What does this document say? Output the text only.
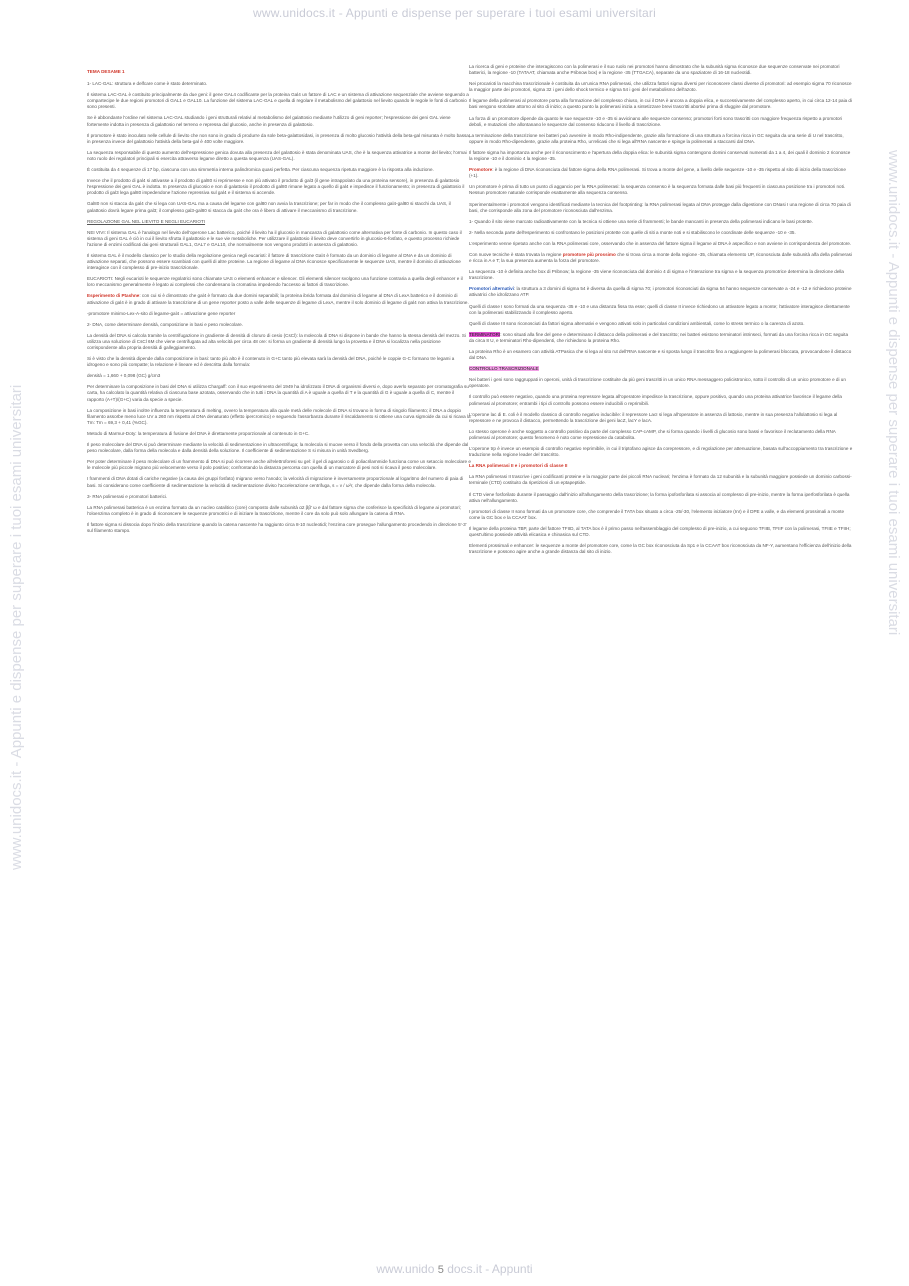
www.unidocs.it - Appunti e dispense per superare i tuoi esami universitari
www.unidocs.it - Appunti e dispense per superare i tuoi esami universitari	www.unidocs.it - Appunti e dispense per superare i tuoi esami universitari
TEMA DESAME 1

1- LAC-GAL: struttura e delfcare come è stato determinato.

Il sistema LAC-GAL è costituito principalmente da due geni: il gene GAL4 codificante per la proteina Gal4 un fattore di LAC e un sistema di attivazione sequenziale che avviene seguendo a compartecipe le due regioni promotori di GAL1 e GAL10. La funzione del sistema LAC-GAL e quella di regolare il metabolismo del galattosio nel lievito quando le regole le fonti di carbonio sono presenti.

Se è abbondante l'ordine nel sistema LAC-GAL studiando i geni strutturali relativi al metabolismo del galattosio mediante l'utilizzo di geni reporter; l'espressione dei geni GAL viene fortemente indotta in presenza di galattosio nel terreno e repressa dal glucosio, anche in presenza di galattosio.

Il promotore è stato inoculato nelle cellule di lievito che non sono in grado di produrre da sole beta-galattosidasi, in presenza di molto glucosio l'attività della beta-gal misurata è molto bassa, in presenza invece del galattosio l'attività della beta-gal è 400 volte maggiore.

La sequenza responsabile di questo aumento dell'espressione genica dovuta alla presenza del galattosio è stata denominata UAS, che è la sequenza attivatrice a monte del lievito; l'ormai noto ruolo dei regolatori principali si esercita attraverso legame diretto a questa sequenza (UAS-GAL).

È costituita da 4 sequenze di 17 bp, ciascuna con una simmetria interna palindromica quasi perfetta. Per ciascuna sequenza ripetuta maggiore è la risposta alla induzione.

Invece che il prodotto di gal4 si attivasse a il prodotto di gal80 si reprimesse e non più attivato il prodotto di gal3 (il gene intrappolato da una proteina sensore), in presenza di galattosio l'espressione dei geni GAL è indotta. In presenza di glucosio e non di galattosio il prodotto di gal80 rimane legato a quello di gal4 e impedisce il funzionamento; in presenza di galattosio il prodotto di gal3 lega gal80 impedendone l'azione repressiva sul gal4 e il sistema si accende.

Gal80 non si stacca da gal4 che si lega con UAS-GAL ma a causa del legame con gal80 non avvia la trascrizione; per far in modo che il complesso gal4-gal80 si stacchi da UAS, il galattosio dovrà legare prima gal3; il complesso gal3-gal80 si stacca da gal4 che ora è libero di attivare il meccanismo di trascrizione.

REGOLAZIONE GAL NEL LIEVITO E NEGLI EUCARIOTI

NEI VIVI: Il sistema GAL è l'analogo nel lievito dell'operone Lac batterico, poiché il lievito ha il glucosio in mancanza di galattosio come alternativa per fonte di carbonio. In questo caso il sistema di geni GAL è ciò in cui il lievito sfrutta il galattosio e le sue vie metaboliche. Per utilizzare il galattosio il lievito deve convertirlo in glucosio-6-fosfato, e questo processo richiede l'azione di enzimi codificati dai geni strutturali GAL1, GAL7 e GAL10, che normalmente non vengono prodotti in assenza di galattosio.

Il sistema GAL è il modello classico per lo studio della regolazione genica negli eucarioti: il fattore di trascrizione Gal4 è formato da un dominio di legame al DNA e da un dominio di attivazione separati, che possono essere scambiati con quelli di altre proteine. La regione di legame al DNA riconosce specificamente le sequenze UAS, mentre il dominio di attivazione interagisce con il complesso di pre-inizio trascrizionale.

EUCARIOTI: Negli eucarioti le sequenze regolatrici sono chiamate UAS o elementi enhancer e silencer. Gli elementi silencer svolgono una funzione contraria a quella degli enhancer e il loro meccanismo generalmente è legato ai complessi che condensano la cromatina impedendo l'accesso ai fattori di trascrizione.

Esperimento di Ptashne: con cui si è dimostrato che gal4 è formato da due domini separabili; la proteina ibrida formata dal dominio di legame al DNA di LexA batterico e il dominio di attivazione di gal4 è in grado di attivare la trascrizione di un gene reporter posto a valle delle sequenze di legame di LexA, mentre il solo dominio di legame di gal4 non attiva la trascrizione.

-promotore minimo-Lex-A-sito di legame-gal4 = attivazione gene reporter

2- DNA, come determinare densità, composizione in basi e peso molecolare.

La densità del DNA si calcola tramite la centrifugazione in gradiente di densità di cloruro di cesio (CsCl): la molecola di DNA si dispone in bande che hanno la stessa densità del mezzo. Si utilizza una soluzione di CsCl 6M che viene centrifugata ad alta velocità per circa 48 ore: si forma un gradiente di densità lungo la provetta e il DNA si localizza nella posizione corrispondente alla propria densità di galleggiamento.

Si è visto che la densità dipende dalla composizione in basi: tanto più alto è il contenuto in G+C tanto più elevata sarà la densità del DNA, poiché le coppie G-C formano tre legami a idrogeno e sono più compatte; la relazione è lineare ed è descritta dalla formula:

densità = 1,660 + 0,098 (GC) g/cm3

Per determinare la composizione in basi del DNA si utilizza Chargaff: con il suo esperimento del 1949 ha idrolizzato il DNA di organismi diversi e, dopo averlo separato per cromatografia su carta, ha calcolato la quantità relativa di ciascuna base azotata, osservando che in tutti i DNA la quantità di A è uguale a quella di T e la quantità di G è uguale a quella di C, mentre il rapporto (A+T)/(G+C) varia da specie a specie.

La composizione in basi inoltre influenza la temperatura di melting, ovvero la temperatura alla quale metà delle molecole di DNA si trovano in forma di singolo filamento; il DNA a doppio filamento assorbe meno luce UV a 260 nm rispetto al DNA denaturato (effetto ipercromico) e seguendo l'assorbanza durante il riscaldamento si ottiene una curva sigmoide da cui si ricava la Tm: Tm = 69,3 + 0,41 (%GC).

Metodo di Marmur-Doty: la temperatura di fusione del DNA è direttamente proporzionale al contenuto in G+C.

Il peso molecolare del DNA si può determinare mediante la velocità di sedimentazione in ultracentrifuga; la molecola si muove verso il fondo della provetta con una velocità che dipende dal peso molecolare, dalla forma della molecola e dalla densità della soluzione. Il coefficiente di sedimentazione S si misura in unità Svedberg.

Per poter determinare il peso molecolare di un frammento di DNA si può ricorrere anche all'elettroforesi su gel: il gel di agarosio o di poliacrilammide funziona come un setaccio molecolare e le molecole più piccole migrano più velocemente verso il polo positivo; confrontando la distanza percorsa con quella di un marcatore di pesi noti si ricava il peso molecolare.

I frammenti di DNA dotati di cariche negative (a causa dei gruppi fosfato) migrano verso l'anodo; la velocità di migrazione è inversamente proporzionale al logaritmo del numero di paia di basi. Si considerano come coefficiente di sedimentazione la velocità di sedimentazione diviso l'accelerazione centrifuga, s = v / ω²r, che dipende dalla forma della molecola.

3- RNA polimerasi e promotori batterici.

La RNA polimerasi batterica è un enzima formato da un nucleo catalitico (core) composto dalle subunità α2 ββ' ω e dal fattore sigma che conferisce la specificità di legame ai promotori; l'oloenzima completo è in grado di riconoscere le sequenze promotrici e di iniziare la trascrizione, mentre il core da solo può solo allungare la catena di RNA.

Il fattore sigma si dissocia dopo l'inizio della trascrizione quando la catena nascente ha raggiunto circa 8-10 nucleotidi; l'enzima core prosegue l'allungamento procedendo in direzione 5'-3' sul filamento stampo.

La ricerca di geni e proteine che interagiscono con la polimerasi e il suo ruolo nei promotori hanno dimostrato che la subunità sigma riconosce due sequenze conservate nei promotori batterici, la regione -10 (TATAAT, chiamata anche Pribnow box) e la regione -35 (TTGACA), separate da uno spaziatore di 16-18 nucleotidi.

Nei procarioti la macchina trascrizionale è costituita da un'unica RNA polimerasi, che utilizza fattori sigma diversi per riconoscere classi diverse di promotori: ad esempio sigma 70 riconosce la maggior parte dei promotori, sigma 32 i geni dello shock termico e sigma 54 i geni del metabolismo dell'azoto.

Il legame della polimerasi al promotore porta alla formazione del complesso chiuso, in cui il DNA è ancora a doppia elica, e successivamente del complesso aperto, in cui circa 12-14 paia di basi vengono srotolate attorno al sito di inizio; a questo punto la polimerasi inizia a sintetizzare brevi trascritti abortivi prima di sfuggire dal promotore.

La forza di un promotore dipende da quanto le sue sequenze -10 e -35 si avvicinano alle sequenze consenso; promotori forti sono trascritti con maggiore frequenza rispetto a promotori deboli, e mutazioni che allontanano le sequenze dal consenso riducono il livello di trascrizione.

La terminazione della trascrizione nei batteri può avvenire in modo Rho-indipendente, grazie alla formazione di una struttura a forcina ricca in GC seguita da una serie di U nel trascritto, oppure in modo Rho-dipendente, grazie alla proteina Rho, un'elicasi che si lega all'RNA nascente e spinge la polimerasi a staccarsi dal DNA.

Il fattore sigma ha importanza anche per il riconoscimento e l'apertura della doppia elica: le subunità sigma contengono domini conservati numerati da 1 a 4, dei quali il dominio 2 riconosce la regione -10 e il dominio 4 la regione -35.

Promotore: è la regione di DNA riconosciuta dal fattore sigma della RNA polimerasi. Si trova a monte del gene, a livello delle sequenze -10 e -35 rispetto al sito di inizio della trascrizione (+1).

Un promotore è prima di tutto un punto di aggancio per la RNA polimerasi: la sequenza consenso è la sequenza formata dalle basi più frequenti in ciascuna posizione tra i promotori noti. Nessun promotore naturale corrisponde esattamente alla sequenza consenso.

Sperimentalmente i promotori vengono identificati mediante la tecnica del footprinting: la RNA polimerasi legata al DNA protegge dalla digestione con DNasi I una regione di circa 70 paia di basi, che corrisponde alla zona del promotore riconosciuta dall'enzima.

1- Quando il sito viene marcato radioattivamente con la tecnica si ottiene una serie di frammenti; le bande mancanti in presenza della polimerasi indicano le basi protette.

2- Nella seconda parte dell'esperimento si confrontano le posizioni protette con quelle di siti a monte noti e si stabiliscono le coordinate delle sequenze -10 e -35.

L'esperimento venne ripetuto anche con la RNA polimerasi core, osservando che in assenza del fattore sigma il legame al DNA è aspecifico e non avviene in corrispondenza del promotore.

Con nuove tecniche è stata trovata la regione promotore più prossimo che si trova circa a monte della regione -35, chiamata elemento UP, riconosciuta dalle subunità alfa della polimerasi e ricca in A e T; la sua presenza aumenta la forza del promotore.

La sequenza -10 è definita anche box di Pribnow; la regione -35 viene riconosciuta dal dominio 4 di sigma e l'interazione tra sigma e la sequenza promotrice determina la direzione della trascrizione.

Promotori alternativi: la struttura a 3 domini di sigma 54 è diversa da quella di sigma 70; i promotori riconosciuti da sigma 54 hanno sequenze conservate a -24 e -12 e richiedono proteine attivatrici che idrolizzano ATP.

Quelli di classe I sono formati da una sequenza -35 e -10 e una distanza fissa tra esse; quelli di classe II invece richiedono un attivatore legato a monte; l'attivatore interagisce direttamente con la polimerasi stabilizzando il complesso aperto.

Quelli di classe III sono riconosciuti da fattori sigma alternativi e vengono attivati solo in particolari condizioni ambientali, come lo stress termico o la carenza di azoto.

TERMINATORI: sono situati alla fine del gene e determinano il distacco della polimerasi e del trascritto; nei batteri esistono terminatori intrinseci, formati da una forcina ricca in GC seguita da circa 8 U, e terminatori Rho-dipendenti, che richiedono la proteina Rho.

La proteina Rho è un esamero con attività ATPasica che si lega al sito rut dell'RNA nascente e si sposta lungo il trascritto fino a raggiungere la polimerasi bloccata, provocandone il distacco dal DNA.

CONTROLLO TRASCRIZIONALE

Nei batteri i geni sono raggruppati in operoni, unità di trascrizione costituite da più geni trascritti in un unico RNA messaggero policistronico, sotto il controllo di un unico promotore e di un operatore.

Il controllo può essere negativo, quando una proteina repressore legata all'operatore impedisce la trascrizione, oppure positivo, quando una proteina attivatrice favorisce il legame della polimerasi al promotore; entrambi i tipi di controllo possono essere inducibili o reprimibili.

L'operone lac di E. coli è il modello classico di controllo negativo inducibile: il repressore LacI si lega all'operatore in assenza di lattosio, mentre in sua presenza l'allolattosio si lega al repressore e ne provoca il distacco, permettendo la trascrizione dei geni lacZ, lacY e lacA.

Lo stesso operone è anche soggetto a controllo positivo da parte del complesso CAP-cAMP, che si forma quando i livelli di glucosio sono bassi e favorisce il reclutamento della RNA polimerasi al promotore; questo fenomeno è noto come repressione da catabolita.

L'operone trp è invece un esempio di controllo negativo reprimibile, in cui il triptofano agisce da corepressore, e di regolazione per attenuazione, basata sull'accoppiamento tra trascrizione e traduzione nella regione leader del trascritto.

La RNA polimerasi II e i promotori di classe II

La RNA polimerasi II trascrive i geni codificanti proteine e la maggior parte dei piccoli RNA nucleari; l'enzima è formato da 12 subunità e la subunità maggiore possiede un dominio carbossi-terminale (CTD) costituito da ripetizioni di un eptapeptide.

Il CTD viene fosforilato durante il passaggio dall'inizio all'allungamento della trascrizione; la forma ipofosforilata si associa al complesso di pre-inizio, mentre la forma iperfosforilata è quella attiva nell'allungamento.

I promotori di classe II sono formati da un promotore core, che comprende il TATA box situato a circa -25/-30, l'elemento iniziatore (Inr) e il DPE a valle, e da elementi prossimali a monte come la GC box e la CCAAT box.

Il legame della proteina TBP, parte del fattore TFIID, al TATA box è il primo passo nell'assemblaggio del complesso di pre-inizio, a cui seguono TFIIB, TFIIF con la polimerasi, TFIIE e TFIIH; quest'ultimo possiede attività elicasica e chinasica sul CTD.

Elementi prossimali e enhancer: le sequenze a monte del promotore core, come la GC box riconosciuta da Sp1 e la CCAAT box riconosciuta da NF-Y, aumentano l'efficienza dell'inizio della trascrizione e possono agire anche a grande distanza dal sito di inizio.

www.unido 5 docs.it - Appunti
